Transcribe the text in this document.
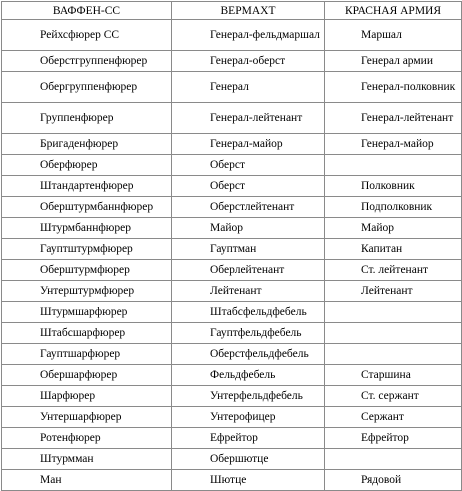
ВАФФЕН-СС	ВЕРМАХТ	КРАСНАЯ АРМИЯ
Рейхсфюрер СС	Генерал-фельдмаршал	Маршал
Оберстгруппенфюрер	Генерал-оберст	Генерал армии
Обергруппенфюрер	Генерал	Генерал-полковник
Группенфюрер	Генерал-лейтенант	Генерал-лейтенант
Бригаденфюрер	Генерал-майор	Генерал-майор
Оберфюрер	Оберст	
Штандартенфюрер	Оберст	Полковник
Оберштурмбаннфюрер	Оберстлейтенант	Подполковник
Штурмбаннфюрер	Майор	Майор
Гауптштурмфюрер	Гауптман	Капитан
Оберштурмфюрер	Оберлейтенант	Ст. лейтенант
Унтерштурмфюрер	Лейтенант	Лейтенант
Штурмшарфюрер	Штабсфельдфебель	
Штабсшарфюрер	Гауптфельдфебель	
Гауптшарфюрер	Оберстфельдфебель	
Обершарфюрер	Фельдфебель	Старшина
Шарфюрер	Унтерфельдфебель	Ст. сержант
Унтершарфюрер	Унтерофицер	Сержант
Ротенфюрер	Ефрейтор	Ефрейтор
Штурмман	Обершютце	
Ман	Шютце	Рядовой
